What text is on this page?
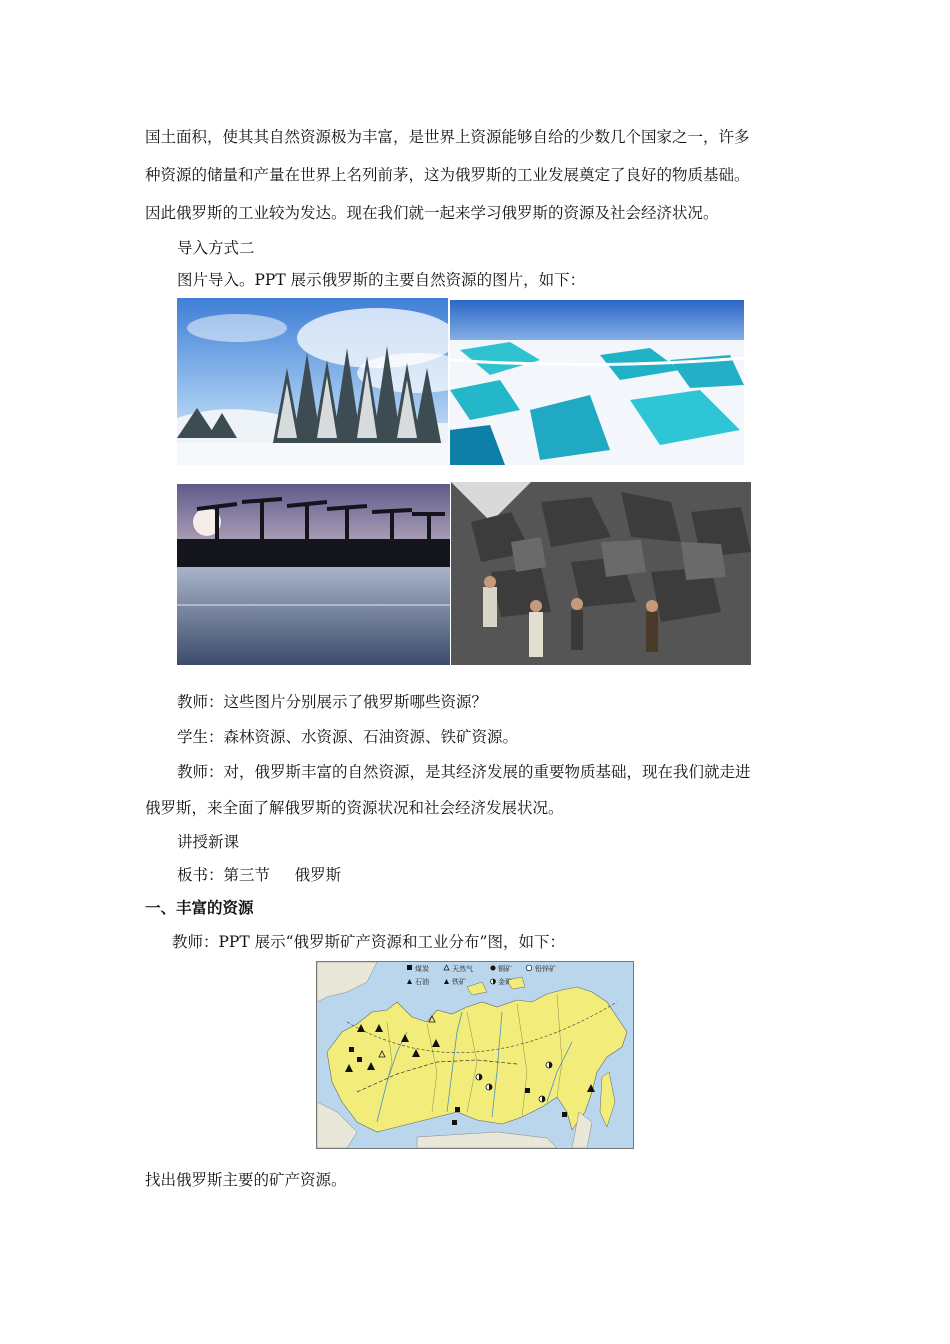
国土面积，使其其自然资源极为丰富，是世界上资源能够自给的少数几个国家之一，许多
种资源的储量和产量在世界上名列前茅，这为俄罗斯的工业发展奠定了良好的物质基础。
因此俄罗斯的工业较为发达。现在我们就一起来学习俄罗斯的资源及社会经济状况。
导入方式二
图片导入。PPT 展示俄罗斯的主要自然资源的图片，如下：
教师：这些图片分别展示了俄罗斯哪些资源？
学生：森林资源、水资源、石油资源、铁矿资源。
教师：对，俄罗斯丰富的自然资源，是其经济发展的重要物质基础，现在我们就走进
俄罗斯，来全面了解俄罗斯的资源状况和社会经济发展状况。
讲授新课
板书：第三节     俄罗斯
一、丰富的资源
教师：PPT 展示“俄罗斯矿产资源和工业分布”图，如下：
煤炭	天然气	铜矿	铅锌矿
石油	铁矿	金矿
找出俄罗斯主要的矿产资源。
